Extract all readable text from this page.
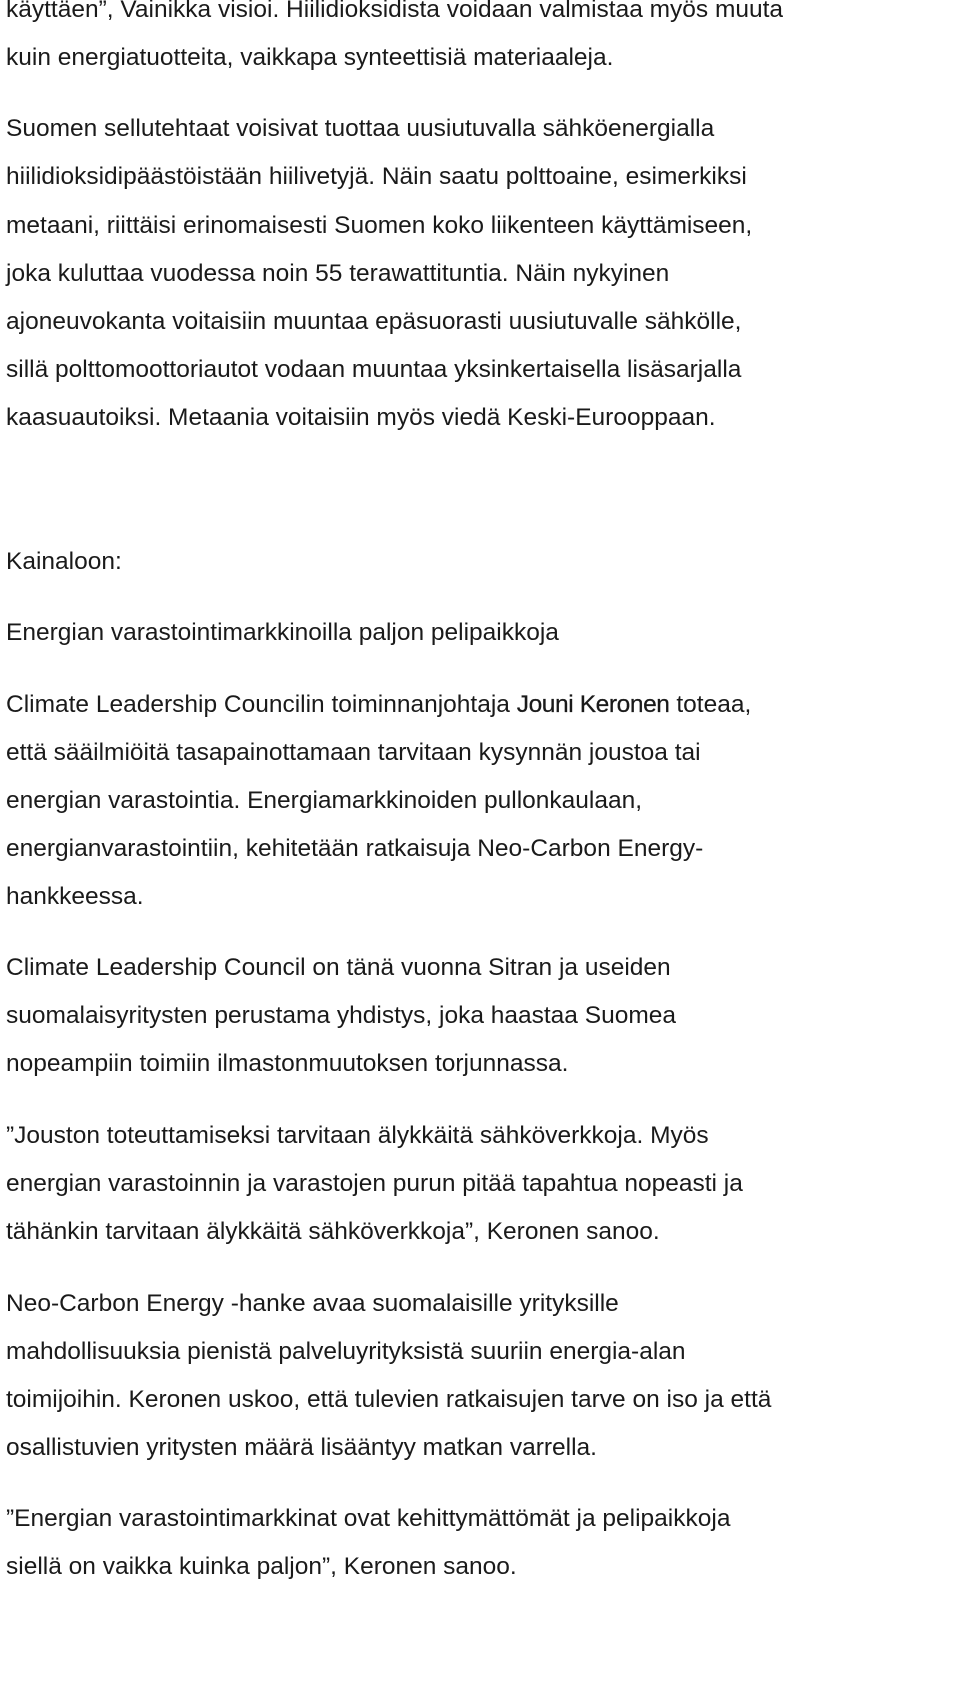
käyttäen”, Vainikka visioi. Hiilidioksidista voidaan valmistaa myös muuta
kuin energiatuotteita, vaikkapa synteettisiä materiaaleja.
Suomen sellutehtaat voisivat tuottaa uusiutuvalla sähköenergialla
hiilidioksidipäästöistään hiilivetyjä. Näin saatu polttoaine, esimerkiksi
metaani, riittäisi erinomaisesti Suomen koko liikenteen käyttämiseen,
joka kuluttaa vuodessa noin 55 terawattituntia. Näin nykyinen
ajoneuvokanta voitaisiin muuntaa epäsuorasti uusiutuvalle sähkölle,
sillä polttomoottoriautot vodaan muuntaa yksinkertaisella lisäsarjalla
kaasuautoiksi. Metaania voitaisiin myös viedä Keski-Eurooppaan.
Kainaloon:
Energian varastointimarkkinoilla paljon pelipaikkoja
Climate Leadership Councilin toiminnanjohtaja Jouni Keronen toteaa,
että sääilmiöitä tasapainottamaan tarvitaan kysynnän joustoa tai
energian varastointia. Energiamarkkinoiden pullonkaulaan,
energianvarastointiin, kehitetään ratkaisuja Neo-Carbon Energy-
hankkeessa.
Climate Leadership Council on tänä vuonna Sitran ja useiden
suomalaisyritysten perustama yhdistys, joka haastaa Suomea
nopeampiin toimiin ilmastonmuutoksen torjunnassa.
”Jouston toteuttamiseksi tarvitaan älykkäitä sähköverkkoja. Myös
energian varastoinnin ja varastojen purun pitää tapahtua nopeasti ja
tähänkin tarvitaan älykkäitä sähköverkkoja”, Keronen sanoo.
Neo-Carbon Energy -hanke avaa suomalaisille yrityksille
mahdollisuuksia pienistä palveluyrityksistä suuriin energia-alan
toimijoihin. Keronen uskoo, että tulevien ratkaisujen tarve on iso ja että
osallistuvien yritysten määrä lisääntyy matkan varrella.
”Energian varastointimarkkinat ovat kehittymättömät ja pelipaikkoja
siellä on vaikka kuinka paljon”, Keronen sanoo.
